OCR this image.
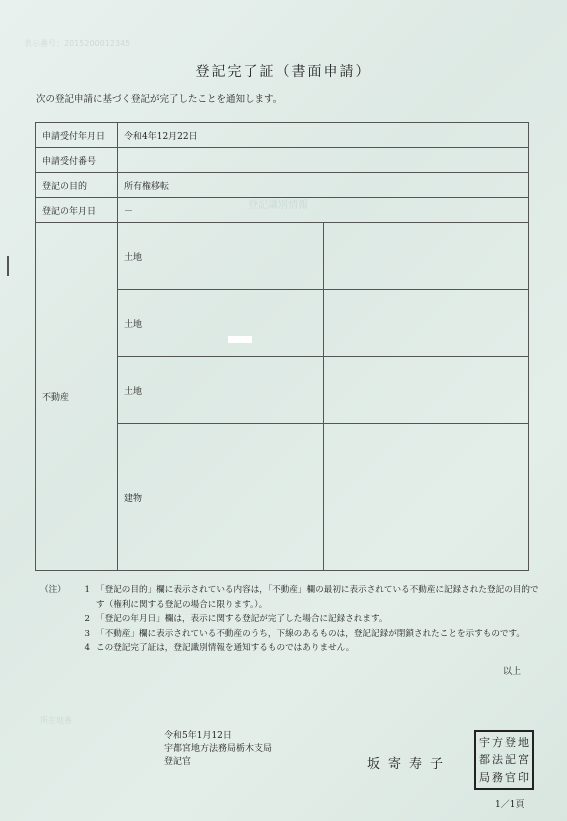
表示番号：2015200012345
登記識別情報
所在地番
登記完了証（書面申請）
次の登記申請に基づく登記が完了したことを通知します。
申請受付年月日	令和4年12月22日	
申請受付番号		
登記の目的	所有権移転	
登記の年月日	－	
不動産	土地	
	土地	
	土地	
	建物	
（注）	1 「登記の目的」欄に表示されている内容は，「不動産」欄の最初に表示されている不動産に記録された登記の目的です（権利に関する登記の場合に限ります。）。
2 「登記の年月日」欄は，表示に関する登記が完了した場合に記録されます。
3 「不動産」欄に表示されている不動産のうち，下線のあるものは，登記記録が閉鎖されたことを示すものです。
4 この登記完了証は，登記識別情報を通知するものではありません。
以上
令和5年1月12日
宇都宮地方法務局栃木支局
登記官	坂寄寿子
宇 方 登 地
都 法 記 宮
局 務 官 印
1／1頁
